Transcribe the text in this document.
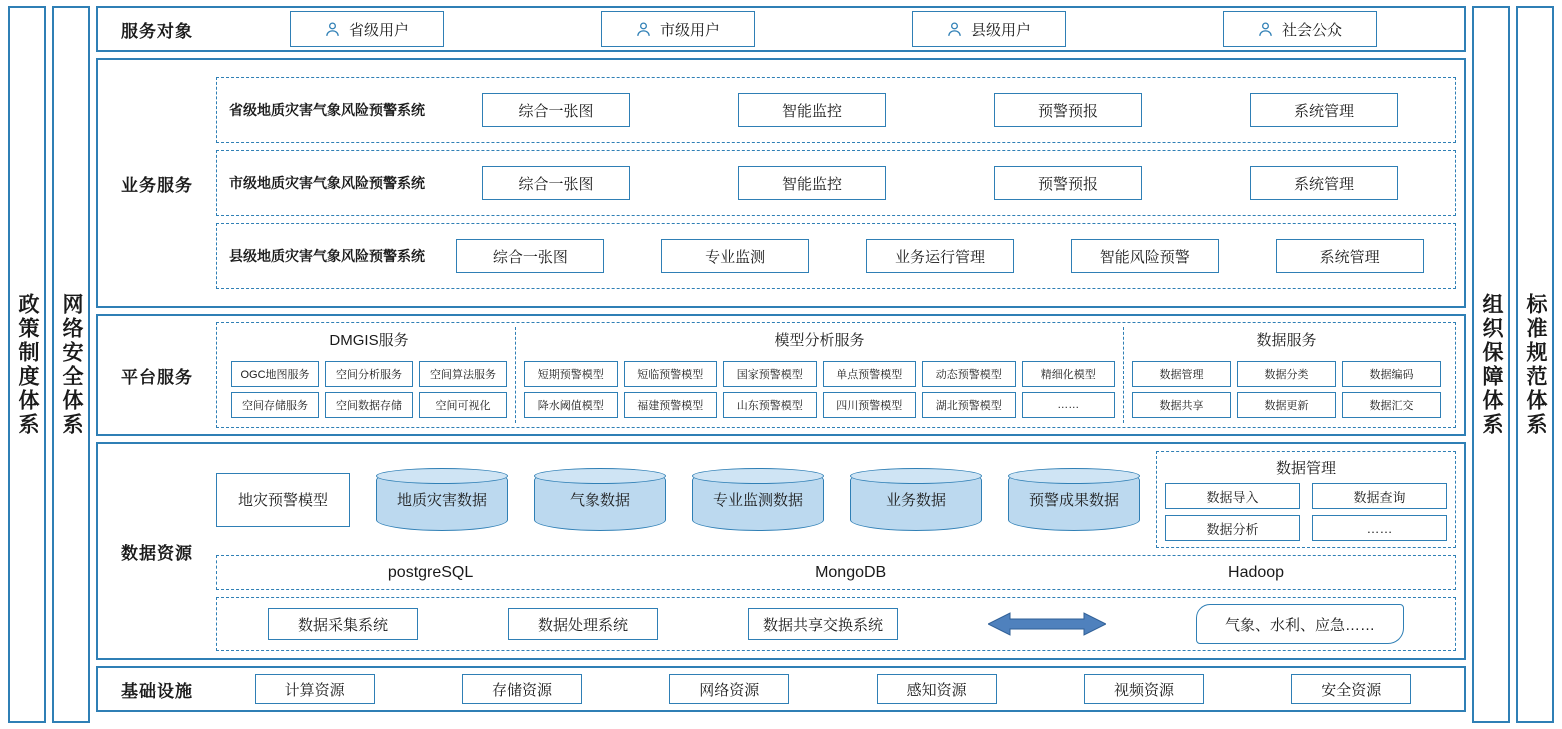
政策制度体系 网络安全体系
服务对象	省级用户	市级用户	县级用户	社会公众
业务服务
省级地质灾害气象风险预警系统	综合一张图	智能监控	预警预报	系统管理
市级地质灾害气象风险预警系统	综合一张图	智能监控	预警预报	系统管理
县级地质灾害气象风险预警系统	综合一张图	专业监测	业务运行管理	智能风险预警	系统管理
平台服务
DMGIS服务
OGC地图服务	空间分析服务	空间算法服务
空间存储服务	空间数据存储	空间可视化
模型分析服务
短期预警模型	短临预警模型	国家预警模型	单点预警模型	动态预警模型	精细化模型
降水阈值模型	福建预警模型	山东预警模型	四川预警模型	湖北预警模型	……
数据服务
数据管理	数据分类	数据编码
数据共享	数据更新	数据汇交
数据资源
地灾预警模型	地质灾害数据	气象数据	专业监测数据	业务数据	预警成果数据
数据管理
数据导入	数据查询
数据分析	……
postgreSQL	MongoDB	Hadoop
数据采集系统	数据处理系统	数据共享交换系统	气象、水利、应急……
基础设施	计算资源	存储资源	网络资源	感知资源	视频资源	安全资源
组织保障体系 标准规范体系
